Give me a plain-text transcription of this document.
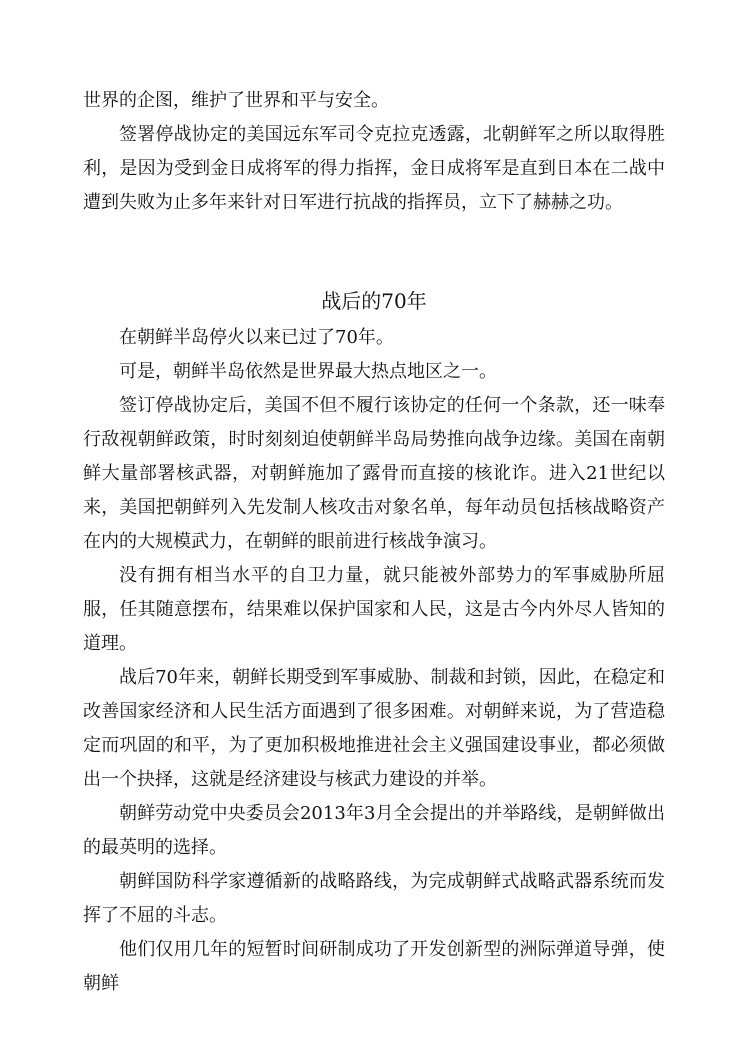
世界的企图，维护了世界和平与安全。

签署停战协定的美国远东军司令克拉克透露，北朝鲜军之所以取得胜利，是因为受到金日成将军的得力指挥，金日成将军是直到日本在二战中遭到失败为止多年来针对日军进行抗战的指挥员，立下了赫赫之功。

战后的70年

在朝鲜半岛停火以来已过了70年。

可是，朝鲜半岛依然是世界最大热点地区之一。

签订停战协定后，美国不但不履行该协定的任何一个条款，还一味奉行敌视朝鲜政策，时时刻刻迫使朝鲜半岛局势推向战争边缘。美国在南朝鲜大量部署核武器，对朝鲜施加了露骨而直接的核讹诈。进入21世纪以来，美国把朝鲜列入先发制人核攻击对象名单，每年动员包括核战略资产在内的大规模武力，在朝鲜的眼前进行核战争演习。

没有拥有相当水平的自卫力量，就只能被外部势力的军事威胁所屈服，任其随意摆布，结果难以保护国家和人民，这是古今内外尽人皆知的道理。

战后70年来，朝鲜长期受到军事威胁、制裁和封锁，因此，在稳定和改善国家经济和人民生活方面遇到了很多困难。对朝鲜来说，为了营造稳定而巩固的和平，为了更加积极地推进社会主义强国建设事业，都必须做出一个抉择，这就是经济建设与核武力建设的并举。

朝鲜劳动党中央委员会2013年3月全会提出的并举路线，是朝鲜做出的最英明的选择。

朝鲜国防科学家遵循新的战略路线，为完成朝鲜式战略武器系统而发挥了不屈的斗志。

他们仅用几年的短暂时间研制成功了开发创新型的洲际弹道导弹，使朝鲜
